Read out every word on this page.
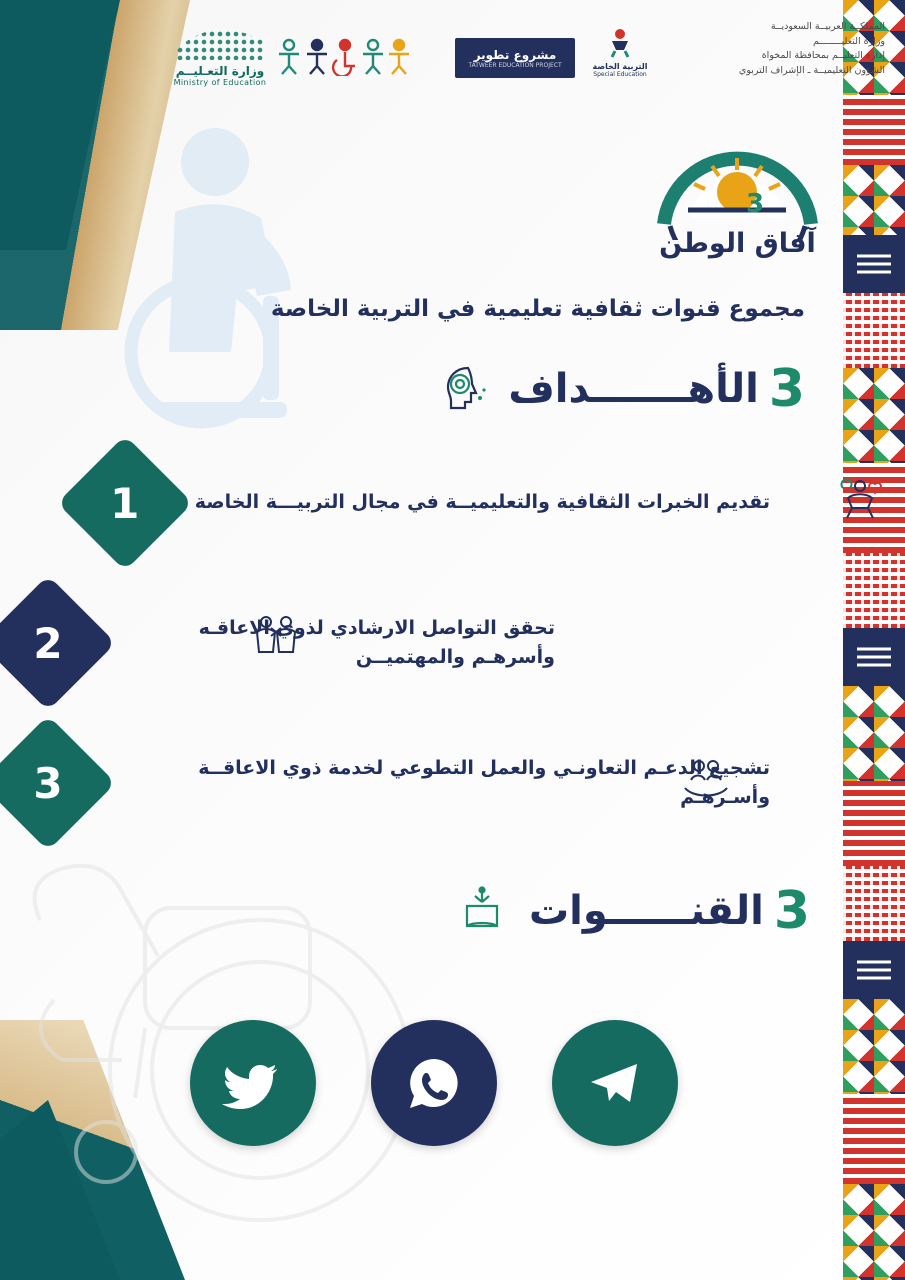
وزارة التعـليــم
Ministry of Education
مشروع تطوير
TATWEER EDUCATION PROJECT	التربية الخاصة
Special Education
المملكــة العربيــة السعوديــة
وزارة التعليــــــــم
إدارة التعليــم بمحافظة المخواة
الشؤون التعليميــة ـ الإشراف التربوي
3
آفاق الوطن
مجموع قنوات ثقافية تعليمية في التربية الخاصة
3
الأهـــــــداف
تقديم الخبرات الثقافية والتعليميــة في مجال التربيـــة الخاصة
1
تحقق التواصل الارشادي لذوي الاعاقـه وأسرهـم والمهتميــن
2
تشجيع الدعـم التعاونـي والعمل التطوعي لخدمة ذوي الاعاقــة وأسـرهـم
3
3
القنــــــوات
